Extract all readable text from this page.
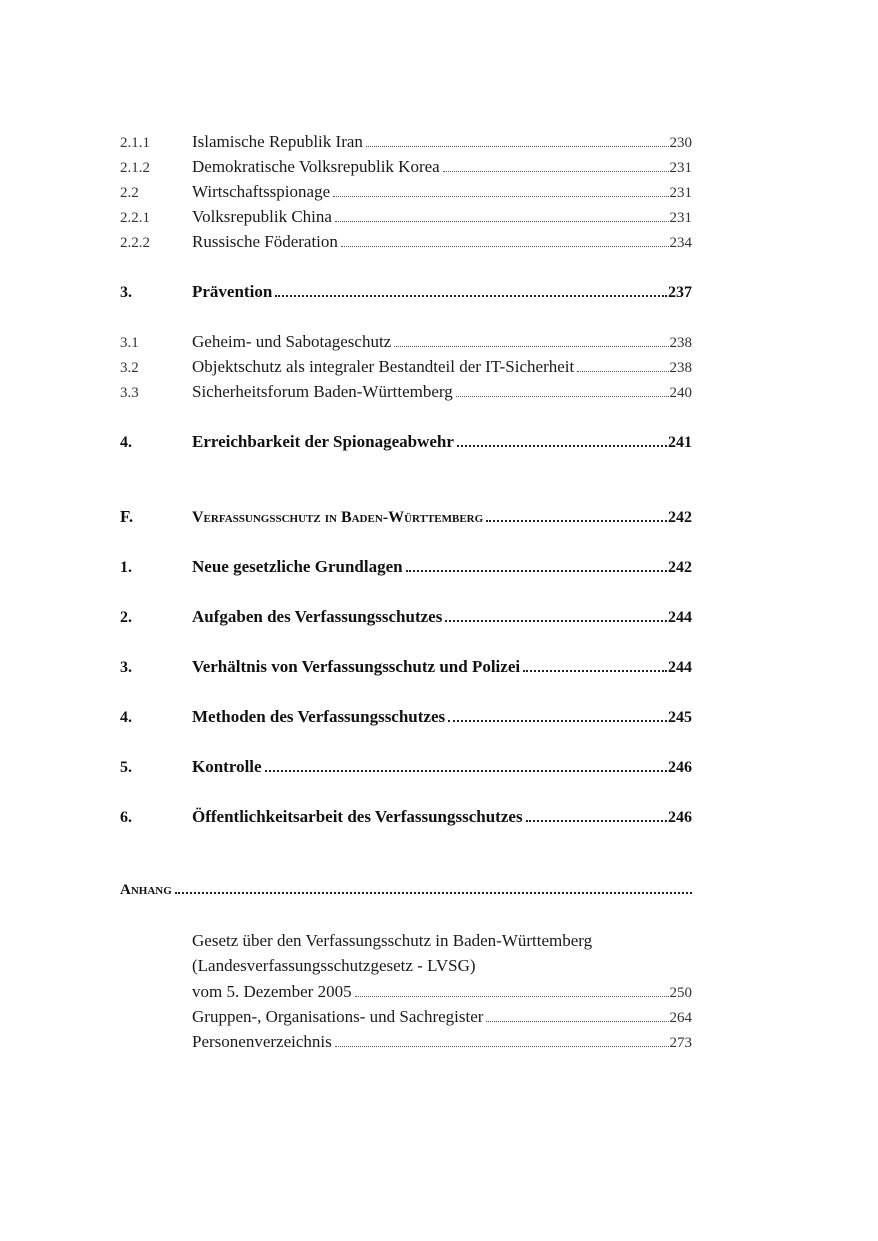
2.1.1	Islamische Republik Iran	230
2.1.2	Demokratische Volksrepublik Korea	231
2.2	Wirtschaftsspionage	231
2.2.1	Volksrepublik China	231
2.2.2	Russische Föderation	234
3.	Prävention	237
3.1	Geheim- und Sabotageschutz	238
3.2	Objektschutz als integraler Bestandteil der IT-Sicherheit	238
3.3	Sicherheitsforum Baden-Württemberg	240
4.	Erreichbarkeit der Spionageabwehr	241
F.	Verfassungsschutz in Baden-Württemberg	242
1.	Neue gesetzliche Grundlagen	242
2.	Aufgaben des Verfassungsschutzes	244
3.	Verhältnis von Verfassungsschutz und Polizei	244
4.	Methoden des Verfassungsschutzes	245
5.	Kontrolle	246
6.	Öffentlichkeitsarbeit des Verfassungsschutzes	246
Anhang
Gesetz über den Verfassungsschutz in Baden-Württemberg
(Landesverfassungsschutzgesetz - LVSG)
vom 5. Dezember 2005	250
Gruppen-, Organisations- und Sachregister	264
Personenverzeichnis	273
